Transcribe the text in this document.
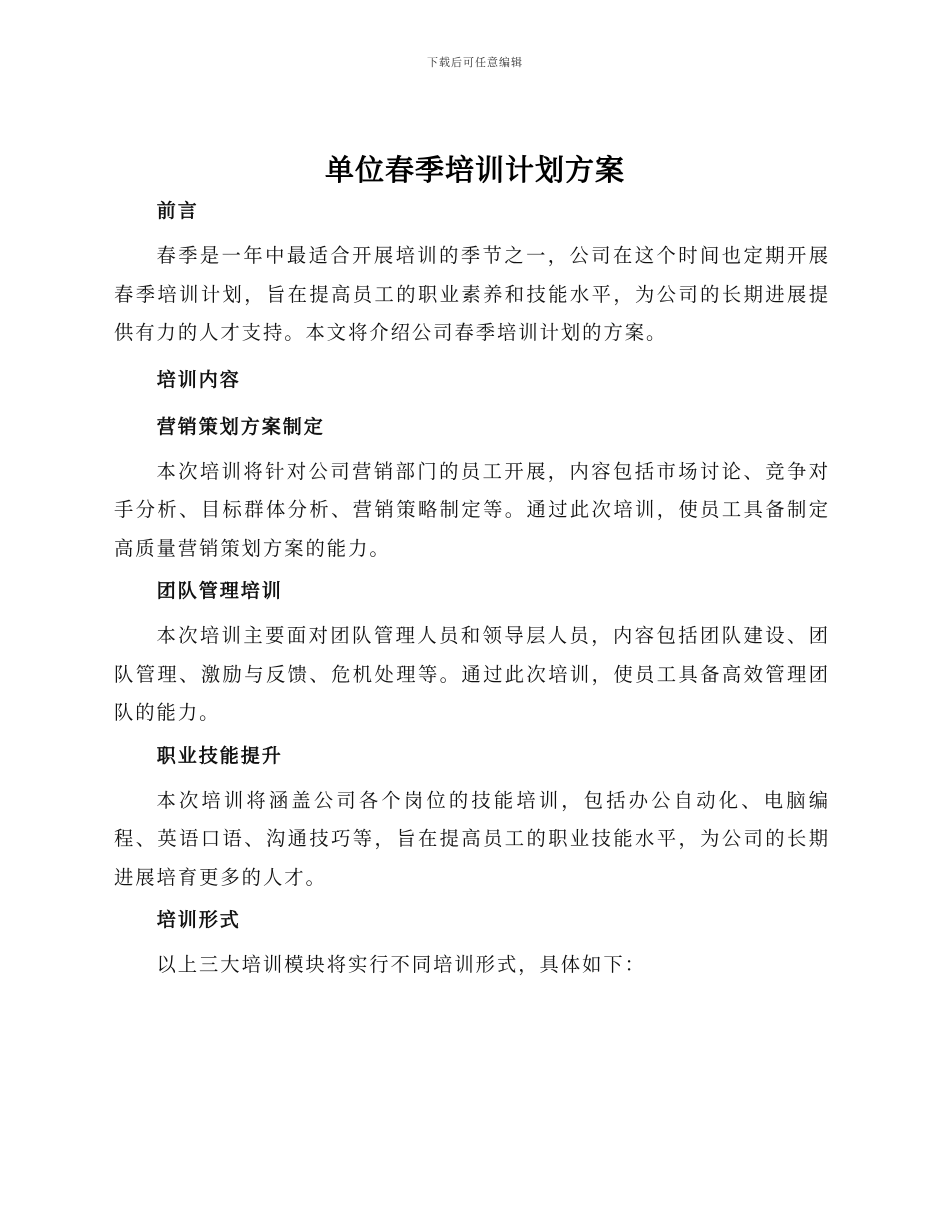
下载后可任意编辑
单位春季培训计划方案
前言

春季是一年中最适合开展培训的季节之一，公司在这个时间也定期开展春季培训计划，旨在提高员工的职业素养和技能水平，为公司的长期进展提供有力的人才支持。本文将介绍公司春季培训计划的方案。

培训内容
营销策划方案制定

本次培训将针对公司营销部门的员工开展，内容包括市场讨论、竞争对手分析、目标群体分析、营销策略制定等。通过此次培训，使员工具备制定高质量营销策划方案的能力。

团队管理培训

本次培训主要面对团队管理人员和领导层人员，内容包括团队建设、团队管理、激励与反馈、危机处理等。通过此次培训，使员工具备高效管理团队的能力。

职业技能提升

本次培训将涵盖公司各个岗位的技能培训，包括办公自动化、电脑编程、英语口语、沟通技巧等，旨在提高员工的职业技能水平，为公司的长期进展培育更多的人才。

培训形式

以上三大培训模块将实行不同培训形式，具体如下：
